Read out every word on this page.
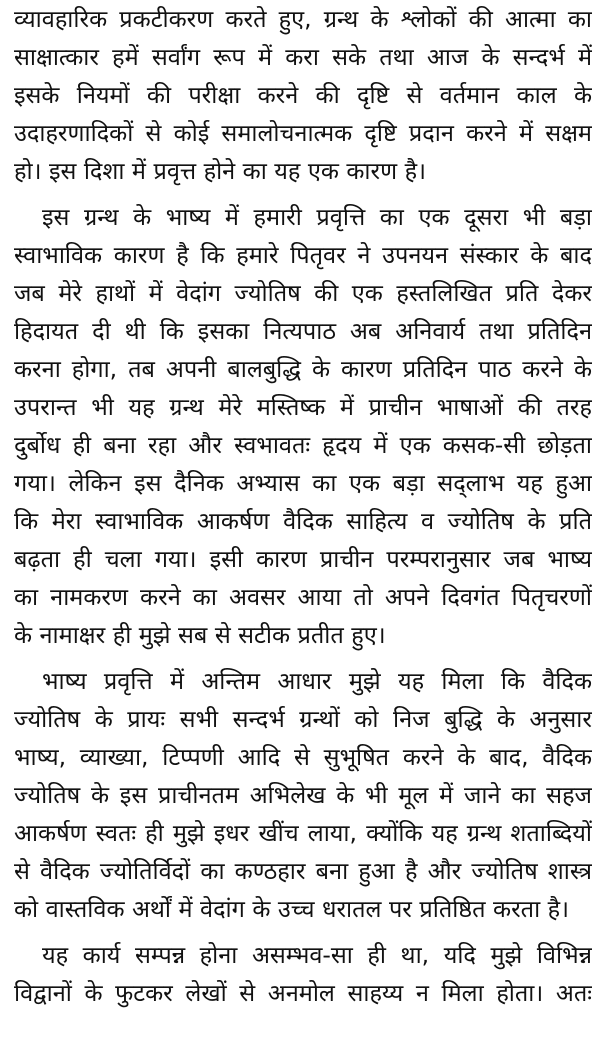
व्यावहारिक प्रकटीकरण करते हुए, ग्रन्थ के श्लोकों की आत्मा का
साक्षात्कार हमें सर्वांग रूप में करा सके तथा आज के सन्दर्भ में
इसके नियमों की परीक्षा करने की दृष्टि से वर्तमान काल के
उदाहरणादिकों से कोई समालोचनात्मक दृष्टि प्रदान करने में सक्षम
हो। इस दिशा में प्रवृत्त होने का यह एक कारण है।
इस ग्रन्थ के भाष्य में हमारी प्रवृत्ति का एक दूसरा भी बड़ा
स्वाभाविक कारण है कि हमारे पितृवर ने उपनयन संस्कार के बाद
जब मेरे हाथों में वेदांग ज्योतिष की एक हस्तलिखित प्रति देकर
हिदायत दी थी कि इसका नित्यपाठ अब अनिवार्य तथा प्रतिदिन
करना होगा, तब अपनी बालबुद्धि के कारण प्रतिदिन पाठ करने के
उपरान्त भी यह ग्रन्थ मेरे मस्तिष्क में प्राचीन भाषाओं की तरह
दुर्बोध ही बना रहा और स्वभावतः हृदय में एक कसक-सी छोड़ता
गया। लेकिन इस दैनिक अभ्यास का एक बड़ा सद्लाभ यह हुआ
कि मेरा स्वाभाविक आकर्षण वैदिक साहित्य व ज्योतिष के प्रति
बढ़ता ही चला गया। इसी कारण प्राचीन परम्परानुसार जब भाष्य
का नामकरण करने का अवसर आया तो अपने दिवगंत पितृचरणों
के नामाक्षर ही मुझे सब से सटीक प्रतीत हुए।
भाष्य प्रवृत्ति में अन्तिम आधार मुझे यह मिला कि वैदिक
ज्योतिष के प्रायः सभी सन्दर्भ ग्रन्थों को निज बुद्धि के अनुसार
भाष्य, व्याख्या, टिप्पणी आदि से सुभूषित करने के बाद, वैदिक
ज्योतिष के इस प्राचीनतम अभिलेख के भी मूल में जाने का सहज
आकर्षण स्वतः ही मुझे इधर खींच लाया, क्योंकि यह ग्रन्थ शताब्दियों
से वैदिक ज्योतिर्विदों का कण्ठहार बना हुआ है और ज्योतिष शास्त्र
को वास्तविक अर्थों में वेदांग के उच्च धरातल पर प्रतिष्ठित करता है।
यह कार्य सम्पन्न होना असम्भव-सा ही था, यदि मुझे विभिन्न
विद्वानों के फुटकर लेखों से अनमोल साहय्य न मिला होता। अतः
